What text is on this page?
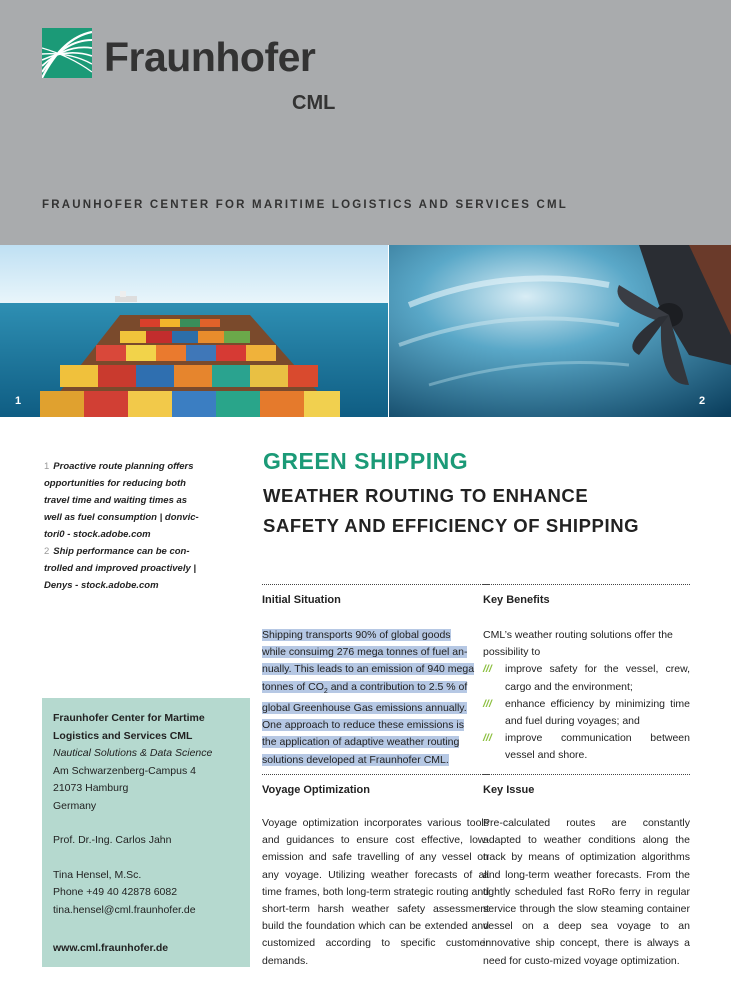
Fraunhofer
CML
FRAUNHOFER CENTER FOR MARITIME LOGISTICS AND SERVICES CML
1	2
1 Proactive route planning offers opportunities for reducing both travel time and waiting times as well as fuel consumption | donvic- tori0 - stock.adobe.com
2 Ship performance can be con- trolled and improved proactively | Denys - stock.adobe.com
GREEN SHIPPING
WEATHER ROUTING TO ENHANCE
SAFETY AND EFFICIENCY OF SHIPPING
Fraunhofer Center for Martime
Logistics and Services CML
Nautical Solutions & Data Science
Am Schwarzenberg-Campus 4
21073 Hamburg
Germany
Prof. Dr.-Ing. Carlos Jahn
Tina Hensel, M.Sc.
Phone +49 40 42878 6082
tina.hensel@cml.fraunhofer.de
www.cml.fraunhofer.de
Initial Situation
Shipping transports 90% of global goods
while consuimg 276 mega tonnes of fuel an-
nually. This leads to an emission of 940 mega
tonnes of $CO_2$ and a contribution to 2.5 % of
global Greenhouse Gas emissions annually.
One approach to reduce these emissions is
the application of adaptive weather routing
solutions developed at Fraunhofer CML.
Voyage Optimization
Voyage optimization incorporates various tools and guidances to ensure cost effective, low-emission and safe travelling of any vessel on any voyage. Utilizing weather forecasts of all time frames, both long-term strategic routing and short-term harsh weather safety assessment build the foundation which can be extended and customized according to specific customer demands.
Key Benefits
CML’s weather routing solutions offer the possibility to
/// improve safety for the vessel, crew, cargo and the environment;
/// enhance efficiency by minimizing time and fuel during voyages; and
/// improve communication between vessel and shore.
Key Issue
Pre-calculated routes are constantly adapted to weather conditions along the track by means of optimization algorithms and long-term weather forecasts. From the tightly scheduled fast RoRo ferry in regular service through the slow steaming container vessel on a deep sea voyage to an innovative ship concept, there is always a need for custo-mized voyage optimization.
